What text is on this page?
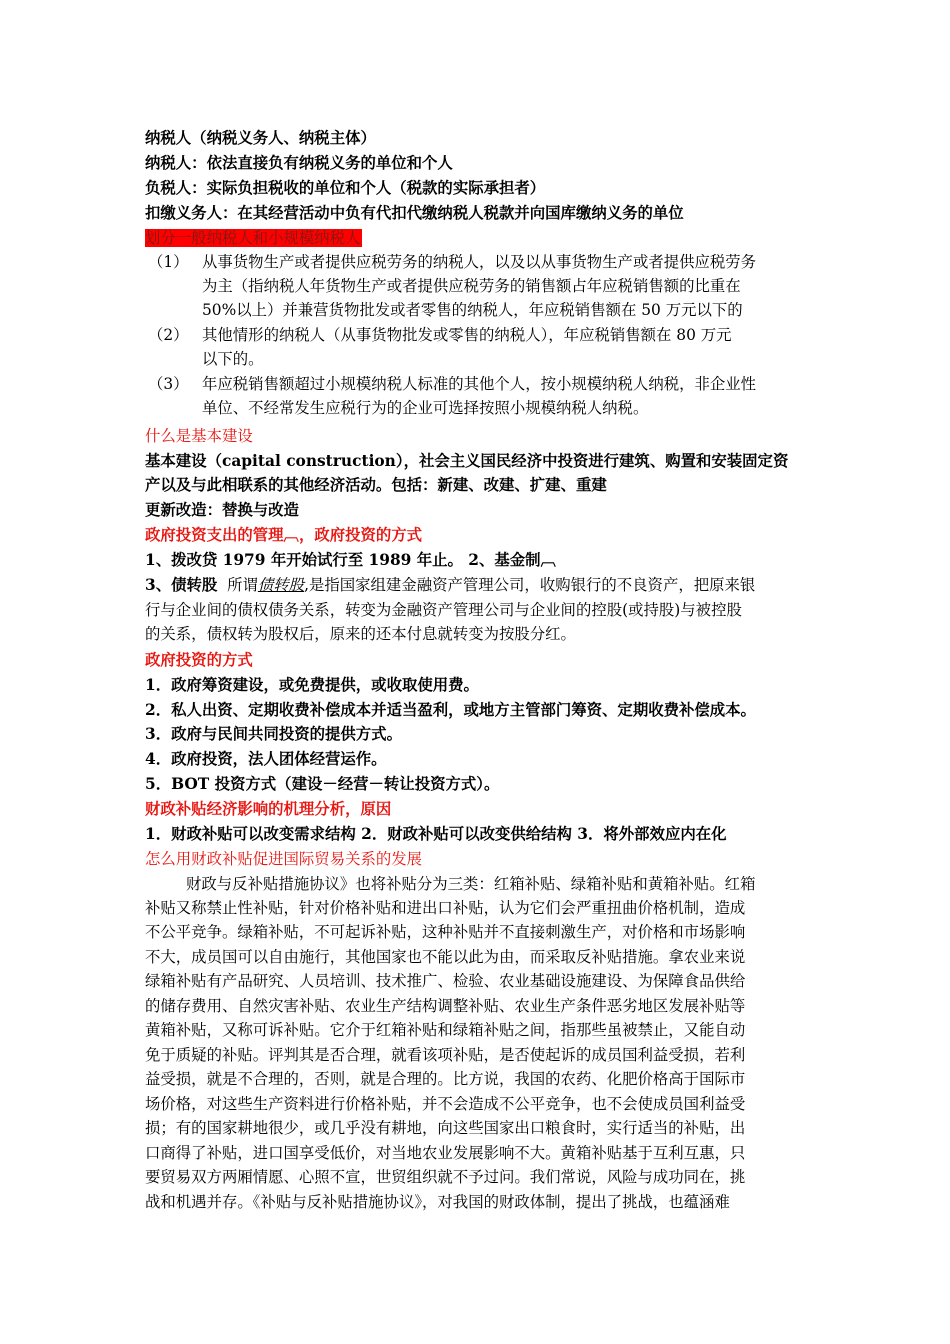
纳税人（纳税义务人、纳税主体）
纳税人：依法直接负有纳税义务的单位和个人
负税人：实际负担税收的单位和个人（税款的实际承担者）
扣缴义务人：在其经营活动中负有代扣代缴纳税人税款并向国库缴纳义务的单位
划分一般纳税人和小规模纳税人
（1） 从事货物生产或者提供应税劳务的纳税人，以及以从事货物生产或者提供应税劳务
为主（指纳税人年货物生产或者提供应税劳务的销售额占年应税销售额的比重在
50%以上）并兼营货物批发或者零售的纳税人，年应税销售额在 50 万元以下的
（2） 其他情形的纳税人（从事货物批发或零售的纳税人），年应税销售额在 80 万元
以下的。
（3） 年应税销售额超过小规模纳税人标准的其他个人，按小规模纳税人纳税，非企业性
单位、不经常发生应税行为的企业可选择按照小规模纳税人纳税。
什么是基本建设
基本建设（capital construction），社会主义国民经济中投资进行建筑、购置和安装固定资
产以及与此相联系的其他经济活动。包括：新建、改建、扩建、重建
更新改造：替换与改造
政府投资支出的管理︹，政府投资的方式
1、拨改贷 1979 年开始试行至 1989 年止。 2、基金制︹
3、债转股 所谓债转股,是指国家组建金融资产管理公司，收购银行的不良资产，把原来银
行与企业间的债权债务关系，转变为金融资产管理公司与企业间的控股(或持股)与被控股
的关系，债权转为股权后，原来的还本付息就转变为按股分红。
政府投资的方式
1．政府筹资建设，或免费提供，或收取使用费。
2．私人出资、定期收费补偿成本并适当盈利，或地方主管部门筹资、定期收费补偿成本。
3．政府与民间共同投资的提供方式。
4．政府投资，法人团体经营运作。
5．BOT 投资方式（建设－经营－转让投资方式）。
财政补贴经济影响的机理分析，原因
1．财政补贴可以改变需求结构 2．财政补贴可以改变供给结构 3．将外部效应内在化
怎么用财政补贴促进国际贸易关系的发展
财政与反补贴措施协议》也将补贴分为三类：红箱补贴、绿箱补贴和黄箱补贴。红箱
补贴又称禁止性补贴，针对价格补贴和进出口补贴，认为它们会严重扭曲价格机制，造成
不公平竞争。绿箱补贴，不可起诉补贴，这种补贴并不直接刺激生产，对价格和市场影响
不大，成员国可以自由施行，其他国家也不能以此为由，而采取反补贴措施。拿农业来说
绿箱补贴有产品研究、人员培训、技术推广、检验、农业基础设施建设、为保障食品供给
的储存费用、自然灾害补贴、农业生产结构调整补贴、农业生产条件恶劣地区发展补贴等
黄箱补贴，又称可诉补贴。它介于红箱补贴和绿箱补贴之间，指那些虽被禁止，又能自动
免于质疑的补贴。评判其是否合理，就看该项补贴，是否使起诉的成员国利益受损，若利
益受损，就是不合理的，否则，就是合理的。比方说，我国的农药、化肥价格高于国际市
场价格，对这些生产资料进行价格补贴，并不会造成不公平竞争，也不会使成员国利益受
损；有的国家耕地很少，或几乎没有耕地，向这些国家出口粮食时，实行适当的补贴，出
口商得了补贴，进口国享受低价，对当地农业发展影响不大。黄箱补贴基于互利互惠，只
要贸易双方两厢情愿、心照不宣，世贸组织就不予过问。我们常说，风险与成功同在，挑
战和机遇并存。《补贴与反补贴措施协议》，对我国的财政体制，提出了挑战，也蕴涵难
